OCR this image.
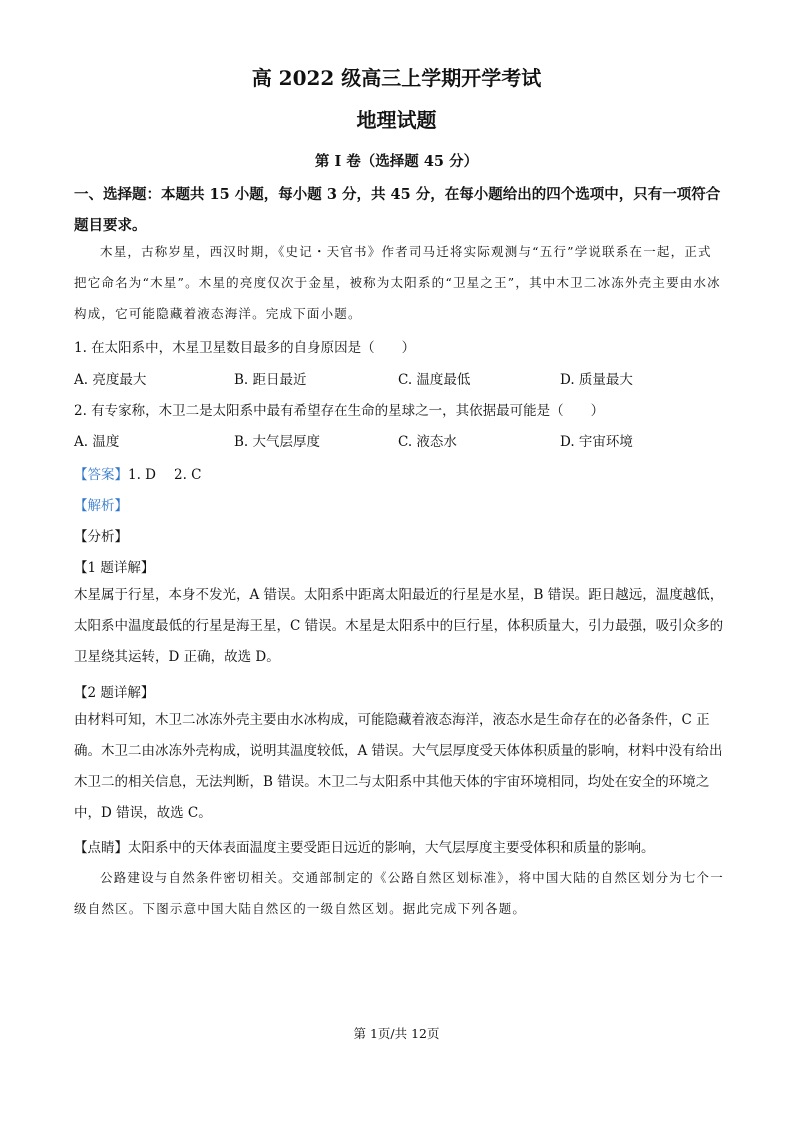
高 2022 级高三上学期开学考试
地理试题
第 I 卷（选择题 45 分）
一、选择题：本题共 15 小题，每小题 3 分，共 45 分，在每小题给出的四个选项中，只有一项符合题目要求。
木星，古称岁星，西汉时期，《史记・天官书》作者司马迁将实际观测与“五行”学说联系在一起，正式把它命名为“木星”。木星的亮度仅次于金星，被称为太阳系的“卫星之王”，其中木卫二冰冻外壳主要由水冰构成，它可能隐藏着液态海洋。完成下面小题。
1. 在太阳系中，木星卫星数目最多的自身原因是（　　）
A. 亮度最大	B. 距日最近	C. 温度最低	D. 质量最大
2. 有专家称，木卫二是太阳系中最有希望存在生命的星球之一，其依据最可能是（　　）
A. 温度	B. 大气层厚度	C. 液态水	D. 宇宙环境
【答案】1. D 2. C
【解析】
【分析】
【1 题详解】
木星属于行星，本身不发光，A 错误。太阳系中距离太阳最近的行星是水星，B 错误。距日越远，温度越低，太阳系中温度最低的行星是海王星，C 错误。木星是太阳系中的巨行星，体积质量大，引力最强，吸引众多的卫星绕其运转，D 正确，故选 D。
【2 题详解】
由材料可知，木卫二冰冻外壳主要由水冰构成，可能隐藏着液态海洋，液态水是生命存在的必备条件，C 正确。木卫二由冰冻外壳构成，说明其温度较低，A 错误。大气层厚度受天体体积质量的影响，材料中没有给出木卫二的相关信息，无法判断，B 错误。木卫二与太阳系中其他天体的宇宙环境相同，均处在安全的环境之中，D 错误，故选 C。
【点睛】太阳系中的天体表面温度主要受距日远近的影响，大气层厚度主要受体积和质量的影响。
公路建设与自然条件密切相关。交通部制定的《公路自然区划标准》，将中国大陆的自然区划分为七个一级自然区。下图示意中国大陆自然区的一级自然区划。据此完成下列各题。
第 1页/共 12页
